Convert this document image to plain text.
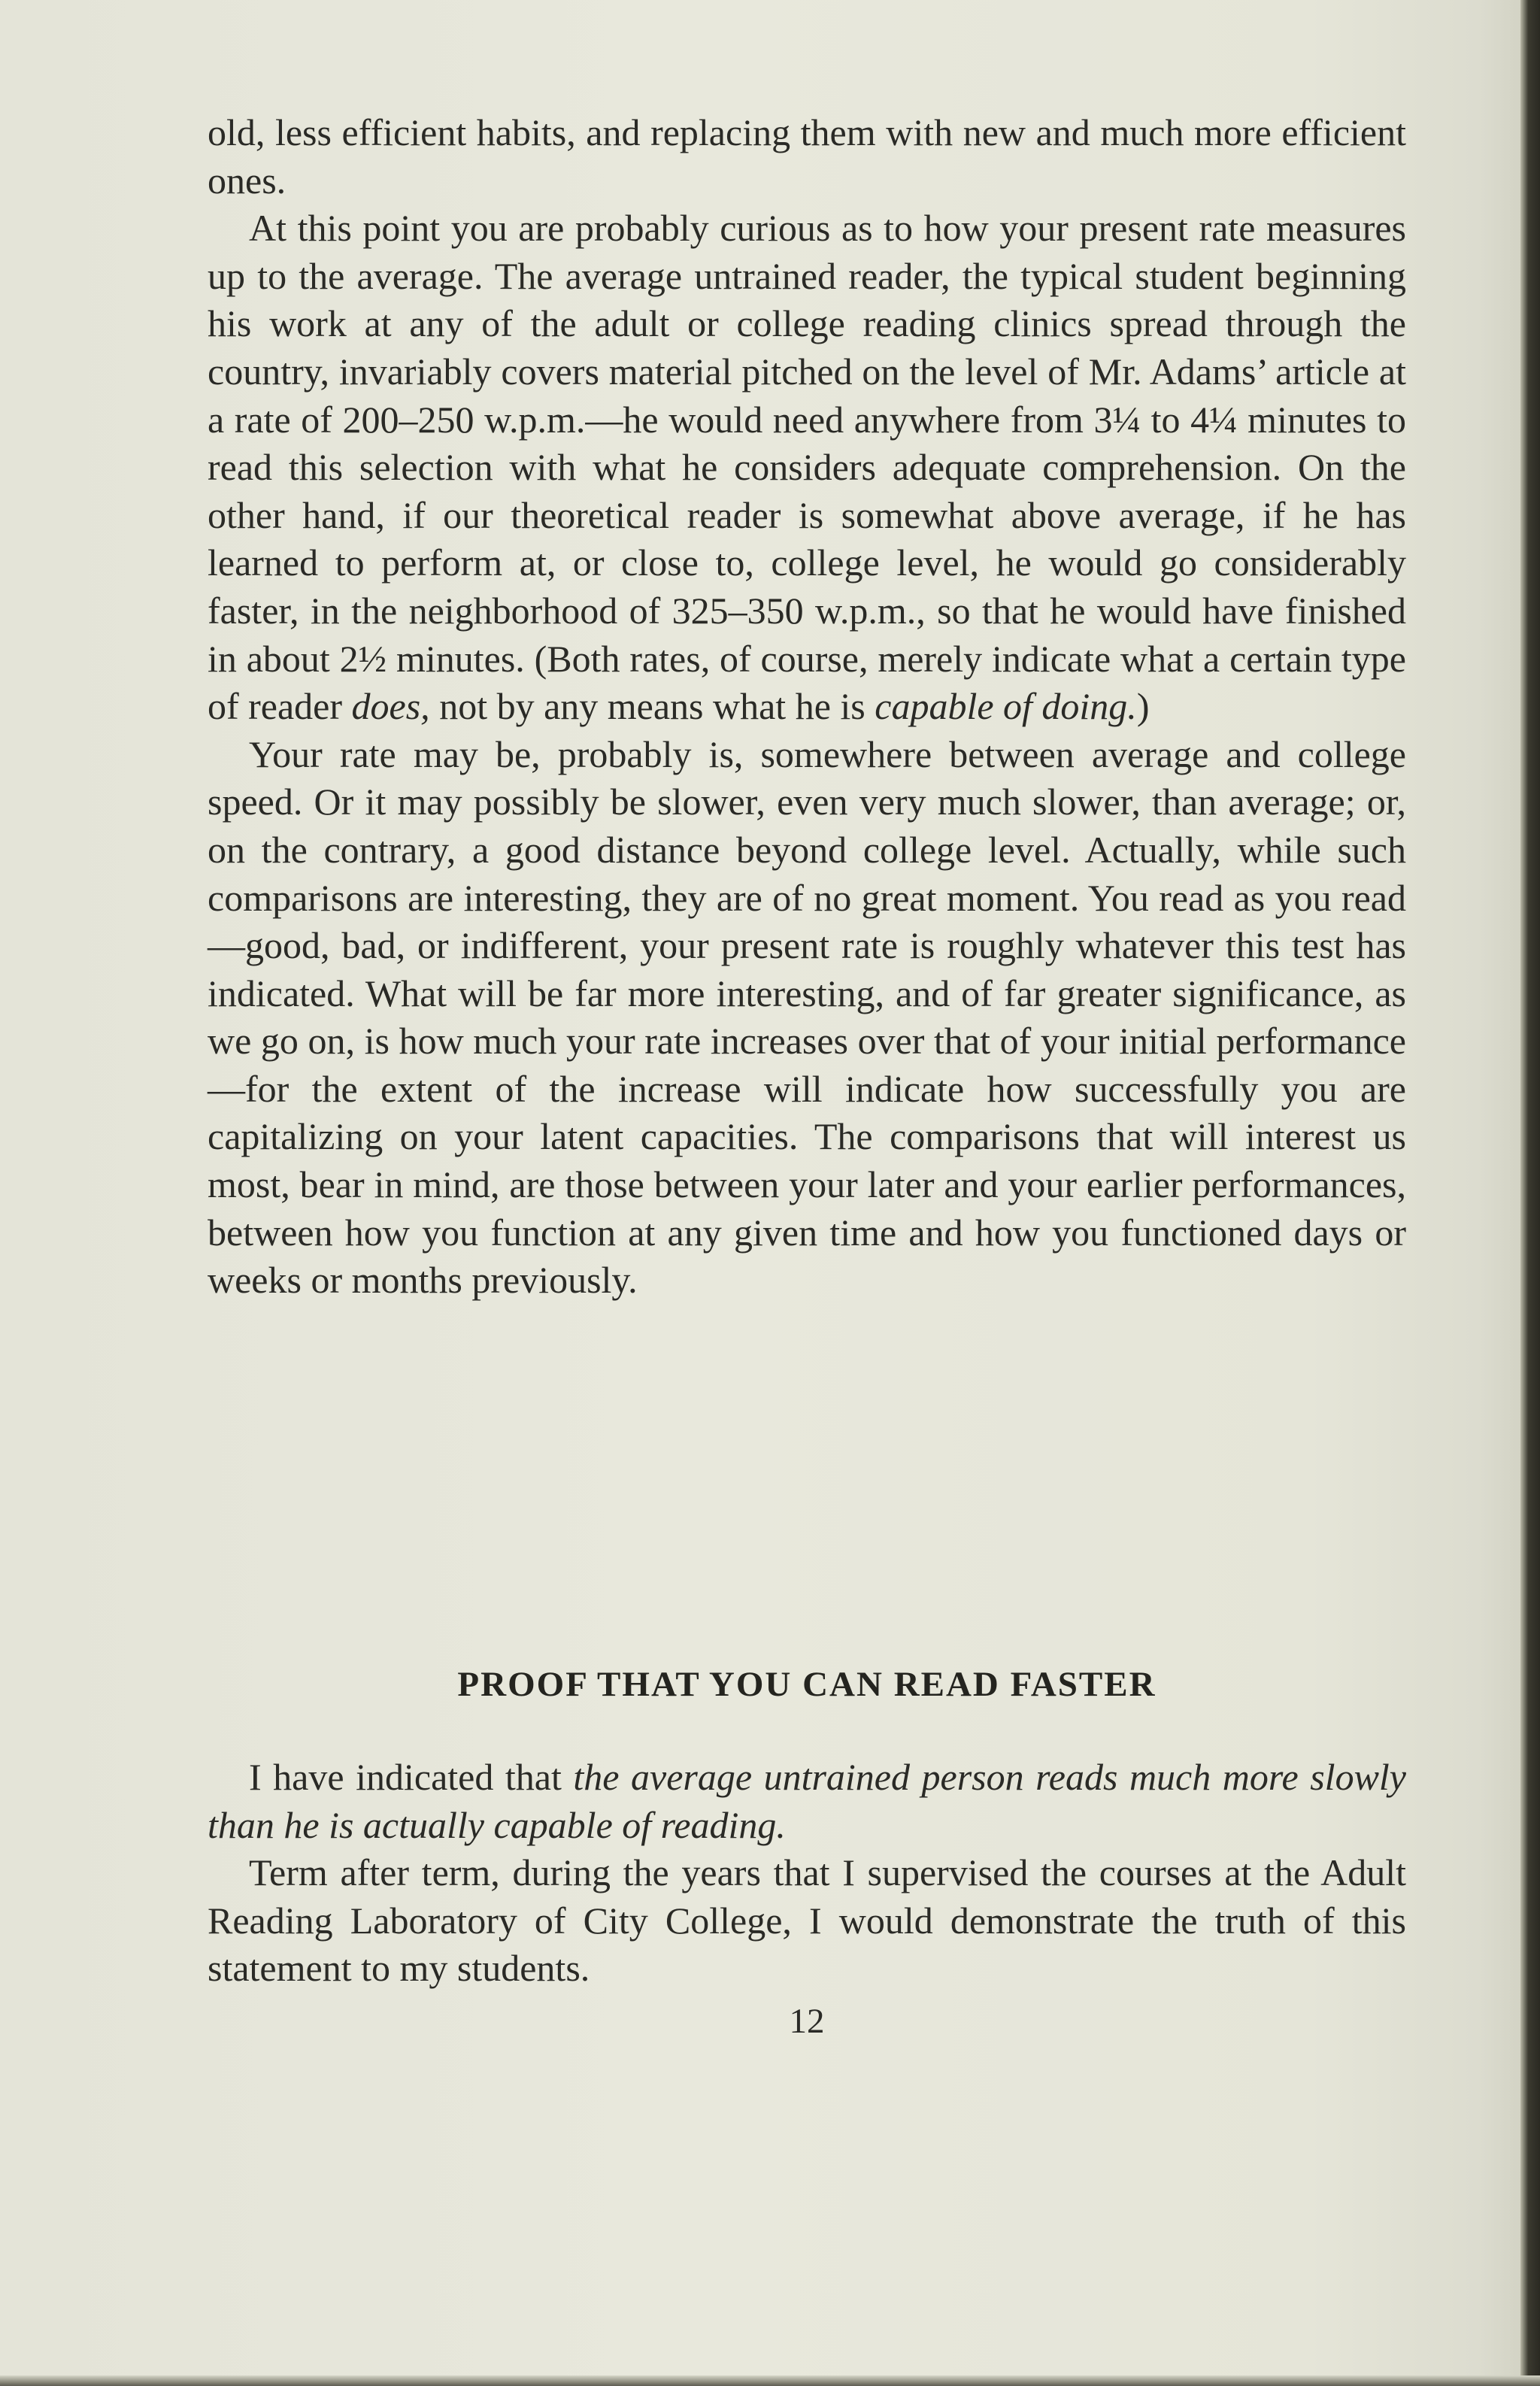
old, less efficient habits, and replacing them with new and much more efficient ones.

At this point you are probably curious as to how your present rate measures up to the average. The average untrained reader, the typical student beginning his work at any of the adult or college reading clinics spread through the country, invariably covers material pitched on the level of Mr. Adams’ article at a rate of 200–250 w.p.m.—he would need anywhere from 3¼ to 4¼ minutes to read this selection with what he considers adequate comprehension. On the other hand, if our theoretical reader is somewhat above average, if he has learned to perform at, or close to, college level, he would go considerably faster, in the neighborhood of 325–350 w.p.m., so that he would have finished in about 2½ minutes. (Both rates, of course, merely indicate what a certain type of reader does, not by any means what he is capable of doing.)

Your rate may be, probably is, somewhere between average and college speed. Or it may possibly be slower, even very much slower, than average; or, on the contrary, a good distance beyond college level. Actually, while such comparisons are interesting, they are of no great moment. You read as you read—good, bad, or indifferent, your present rate is roughly whatever this test has indicated. What will be far more interesting, and of far greater significance, as we go on, is how much your rate increases over that of your initial performance—for the extent of the increase will indicate how successfully you are capitalizing on your latent capacities. The comparisons that will interest us most, bear in mind, are those between your later and your earlier performances, between how you function at any given time and how you functioned days or weeks or months previously.

PROOF THAT YOU CAN READ FASTER

I have indicated that the average untrained person reads much more slowly than he is actually capable of reading.

Term after term, during the years that I supervised the courses at the Adult Reading Laboratory of City College, I would demonstrate the truth of this statement to my students.

12
